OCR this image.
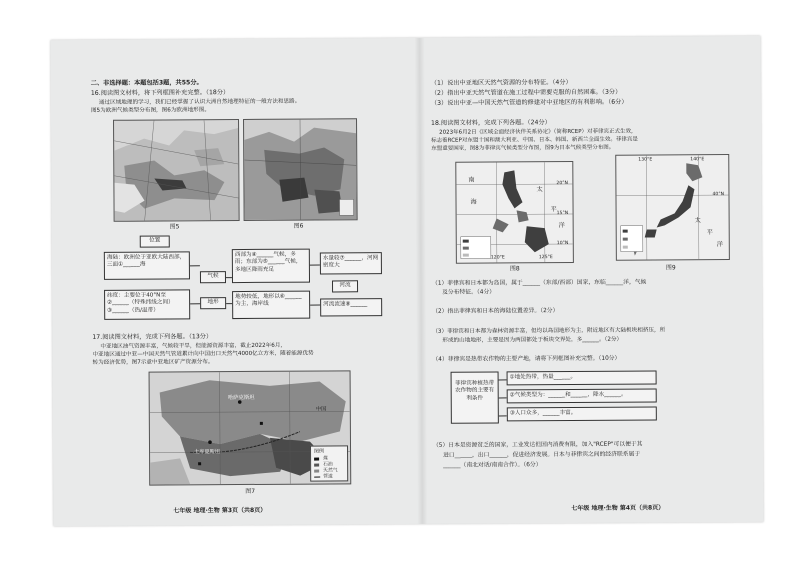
二、非选择题：本题包括3题，共55分。
16.阅读图文材料，将下列框图补充完整。（18分）
通过区域地理的学习，我们已经掌握了认识大洲自然地理特征的一般方法和思路。
图5为欧洲气候类型分布图，图6为欧洲地形图。
图5	图6
位置
海陆：欧洲位于亚欧大陆西部，三面①______海
纬度：主要位于40°N至②______（特殊纬线之间）③______（热/温带）
气候
地形
西部为④______气候，多雨；东部为⑤______气候，多地区降雨充足
地势较低，地形以⑥______为主，海岸线
水量较⑦______，河网密度大
河流
河流流速⑧______
17.阅读图文材料，完成下列各题。（13分）
中亚地区油气资源丰富，气候较干旱，但能源资源丰富，截止2022年6月，
中亚地区通过中亚—中国天然气管道累计向中国出口天然气4000亿立方米，随着能源优势
转为经济优势，图7示意中亚地区矿产资源分布。
哈萨克斯坦
中国
土库曼斯坦	图例
煤
石油
天然气
管道
图7
七年级 地理·生物 第3页（共8页）
（1）说出中亚地区天然气资源的分布特征。（4分）
（2）指出中亚天然气管道在施工过程中需要克服的自然困难。（3分）
（3）说出中亚—中国天然气管道的修建对中亚地区的有利影响。（6分）
18.阅读图文材料，完成下列各题。（24分）
2023年6月2日《区域全面经济伙伴关系协定》（简称RCEP）对菲律宾正式生效，
标志着RCEP对东盟十国和澳大利亚、中国、日本、韩国、新西兰全面生效。菲律宾是
东盟重要国家，图8为菲律宾气候类型分布图，图9为日本气候类型分布图。
南
海
太
平
洋
20°N
15°N
10°N
120°E	125°E
图8
太
平
洋
130°E	140°E
40°N
图9
（1）菲律宾和日本都为岛国，属于______（东部/西部）国家，东临______洋，气候
及分布特征。（4分）
（2）指出菲律宾和日本的海陆位置差异。（2分）
（3）菲律宾和日本都为森林资源丰富，但均以岛国地形为主，附近地区有大陆板块相挤压，所
形成的山地地形，主要是因为两国都处于板块交界处，多______。（2分）
（4）菲律宾是热带农作物的主要产地，请将下列框图补充完整。（10分）
菲律宾种植热带农作物的主要有利条件
①地处热带，热量______。
②气候类型为：______和______，降水______。
③人口众多，______丰富。
（5）日本是资源贫乏的国家，工业发达但国内消费有限，加入"RCEP"可以便于其
进口______，出口______，促进经济发展。日本与菲律宾之间的经济联系属于
______（南北对话/南南合作）。（6分）
七年级 地理·生物 第4页（共8页）
